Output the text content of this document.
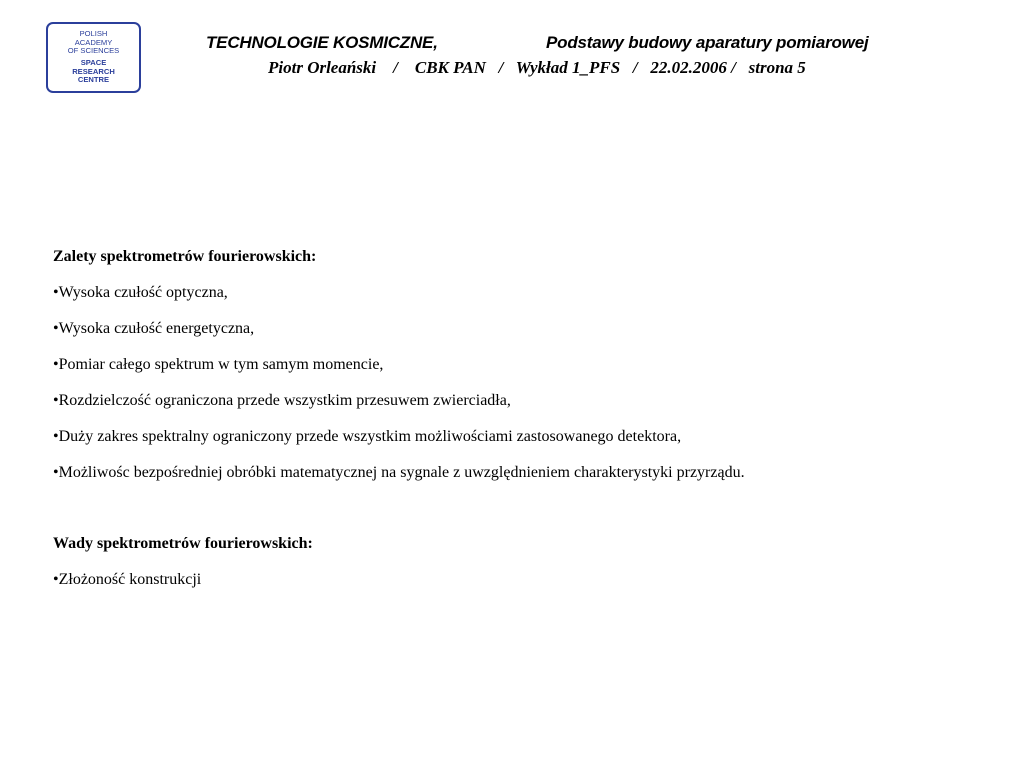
POLISH
ACADEMY
OF SCIENCES
SPACE
RESEARCH
CENTRE
TECHNOLOGIE KOSMICZNE,	Podstawy budowy aparatury pomiarowej
Piotr Orleański    /    CBK PAN   /   Wykład 1_PFS   /   22.02.2006 /   strona 5
Zalety spektrometrów fourierowskich:
•Wysoka czułość optyczna,
•Wysoka czułość energetyczna,
•Pomiar całego spektrum w tym samym momencie,
•Rozdzielczość ograniczona przede wszystkim przesuwem zwierciadła,
•Duży zakres spektralny ograniczony przede wszystkim możliwościami zastosowanego detektora,
•Możliwośc bezpośredniej obróbki matematycznej na sygnale z uwzględnieniem charakterystyki przyrządu.
Wady spektrometrów fourierowskich:
•Złożoność konstrukcji
